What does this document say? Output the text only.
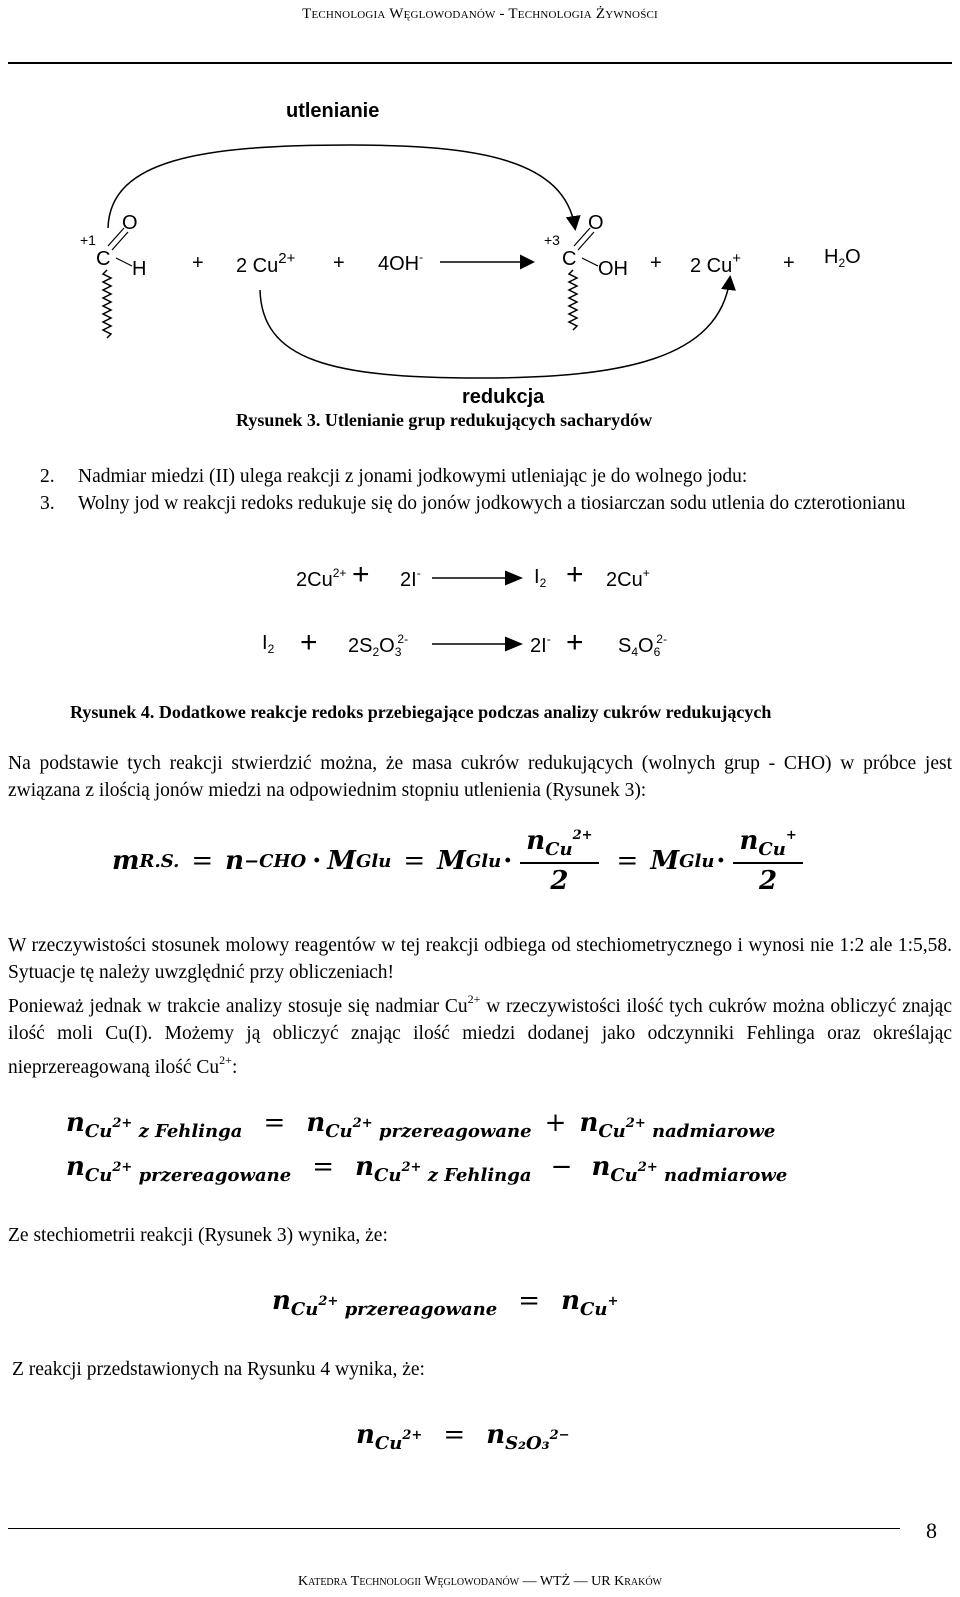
Technologia Węglowodanów - Technologia Żywności
utlenianie
+1
O
C H + 2 $Cu^{2+} + 4OH^-$
+3
O
C OH + 2 $Cu^+ + H_2O$
redukcja
Rysunek 3. Utlenianie grup redukujących sacharydów
2. Nadmiar miedzi (II) ulega reakcji z jonami jodkowymi utleniając je do wolnego jodu:
3.	Wolny jod w reakcji redoks redukuje się do jonów jodkowych a tiosiarczan sodu utlenia do czterotionianu
$2Cu^{2+} + 2I^-$	$I_2 + 2Cu^+$
$I_2 + 2S_2O_3^{2-}$	$2I^- + S_4O_6^{2-}$
Rysunek 4. Dodatkowe reakcje redoks przebiegające podczas analizy cukrów redukujących
Na podstawie tych reakcji stwierdzić można, że masa cukrów redukujących (wolnych grup - CHO) w próbce jest związana z ilością jonów miedzi na odpowiednim stopniu utlenienia (Rysunek 3):
m R.S. = n −CHO · M Glu = M Glu · $\frac{n_{Cu}^{2+}}{2} = M$ Glu · $\frac{n_{Cu}^+}{2}$
W rzeczywistości stosunek molowy reagentów w tej reakcji odbiega od stechiometrycznego i wynosi nie 1:2 ale 1:5,58. Sytuacje tę należy uwzględnić przy obliczeniach!
Ponieważ jednak w trakcie analizy stosuje się nadmiar $Cu^{2+}$ w rzeczywistości ilość tych cukrów można obliczyć znając ilość moli Cu(I). Możemy ją obliczyć znając ilość miedzi dodanej jako odczynniki Fehlinga oraz określając nieprzereagowaną ilość $Cu^{2+}$:
$n_{Cu^{2+} z Fehlinga} = n_{Cu^{2+} przereagowane} + n_{Cu^{2+} nadmiarowe}$
$n_{Cu^{2+} przereagowane} = n_{Cu^{2+} z Fehlinga} - n_{Cu^{2+} nadmiarowe}$
Ze stechiometrii reakcji (Rysunek 3) wynika, że:
$n_{Cu^{2+} przereagowane} = n_{Cu^+}$
Z reakcji przedstawionych na Rysunku 4 wynika, że:
$n_{Cu^{2+}} = n_{S_2O_3^{2-}}$
8
Katedra Technologii Węglowodanów — WTŻ — UR Kraków
